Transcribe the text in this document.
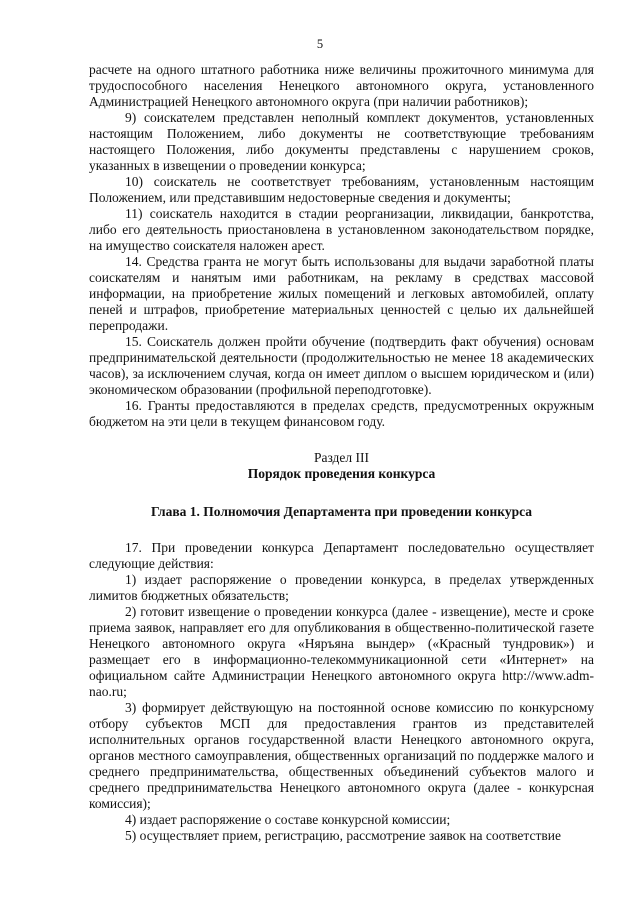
5

расчете на одного штатного работника ниже величины прожиточного минимума для трудоспособного населения Ненецкого автономного округа, установленного Администрацией Ненецкого автономного округа (при наличии работников);

9) соискателем представлен неполный комплект документов, установленных настоящим Положением, либо документы не соответствующие требованиям настоящего Положения, либо документы представлены с нарушением сроков, указанных в извещении о проведении конкурса;

10) соискатель не соответствует требованиям, установленным настоящим Положением, или представившим недостоверные сведения и документы;

11) соискатель находится в стадии реорганизации, ликвидации, банкротства, либо его деятельность приостановлена в установленном законодательством порядке, на имущество соискателя наложен арест.

14. Средства гранта не могут быть использованы для выдачи заработной платы соискателям и нанятым ими работникам, на рекламу в средствах массовой информации, на приобретение жилых помещений и легковых автомобилей, оплату пеней и штрафов, приобретение материальных ценностей с целью их дальнейшей перепродажи.

15. Соискатель должен пройти обучение (подтвердить факт обучения) основам предпринимательской деятельности (продолжительностью не менее 18 академических часов), за исключением случая, когда он имеет диплом о высшем юридическом и (или) экономическом образовании (профильной переподготовке).

16. Гранты предоставляются в пределах средств, предусмотренных окружным бюджетом на эти цели в текущем финансовом году.

Раздел III
Порядок проведения конкурса
Глава 1. Полномочия Департамента при проведении конкурса

17. При проведении конкурса Департамент последовательно осуществляет следующие действия:

1) издает распоряжение о проведении конкурса, в пределах утвержденных лимитов бюджетных обязательств;

2) готовит извещение о проведении конкурса (далее - извещение), месте и сроке приема заявок, направляет его для опубликования в общественно-политической газете Ненецкого автономного округа «Няръяна вындер» («Красный тундровик») и размещает его в информационно-телекоммуникационной сети «Интернет» на официальном сайте Администрации Ненецкого автономного округа http://www.adm-nao.ru;

3) формирует действующую на постоянной основе комиссию по конкурсному отбору субъектов МСП для предоставления грантов из представителей исполнительных органов государственной власти Ненецкого автономного округа, органов местного самоуправления, общественных организаций по поддержке малого и среднего предпринимательства, общественных объединений субъектов малого и среднего предпринимательства Ненецкого автономного округа (далее - конкурсная комиссия);

4) издает распоряжение о составе конкурсной комиссии;

5) осуществляет прием, регистрацию, рассмотрение заявок на соответствие
